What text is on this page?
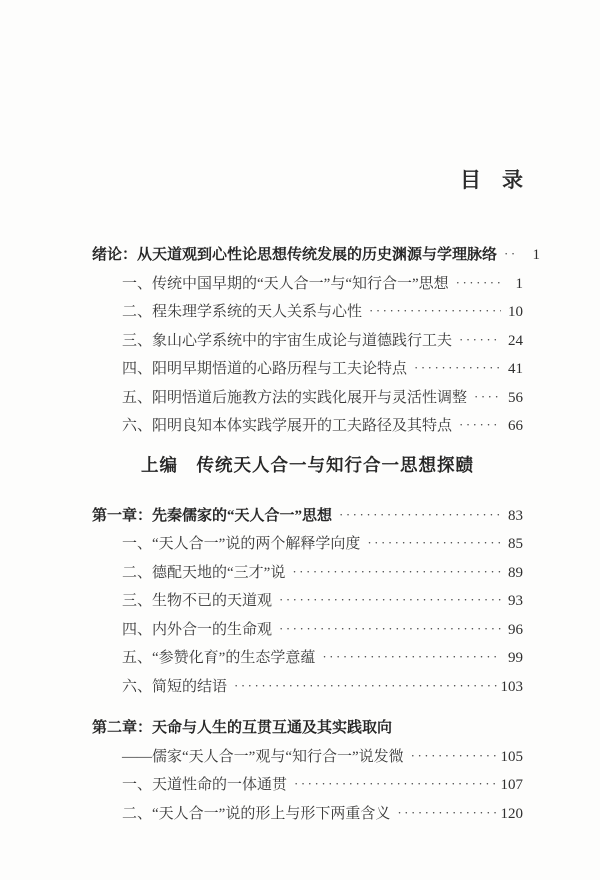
目　录
绪论：从天道观到心性论思想传统发展的历史渊源与学理脉络 ·····	1
一、传统中国早期的“天人合一”与“知行合一”思想 ·····	1
二、程朱理学系统的天人关系与心性 ·····	10
三、象山心学系统中的宇宙生成论与道德践行工夫 ·····	24
四、阳明早期悟道的心路历程与工夫论特点 ·····	41
五、阳明悟道后施教方法的实践化展开与灵活性调整 ·····	56
六、阳明良知本体实践学展开的工夫路径及其特点 ·····	66
上编　传统天人合一与知行合一思想探赜
第一章：先秦儒家的“天人合一”思想 ·····	83
一、“天人合一”说的两个解释学向度 ·····	85
二、德配天地的“三才”说 ·····	89
三、生物不已的天道观 ·····	93
四、内外合一的生命观 ·····	96
五、“参赞化育”的生态学意蕴 ·····	99
六、简短的结语 ·····	103
第二章：天命与人生的互贯互通及其实践取向
——儒家“天人合一”观与“知行合一”说发微 ·····	105
一、天道性命的一体通贯 ·····	107
二、“天人合一”说的形上与形下两重含义 ·····	120
